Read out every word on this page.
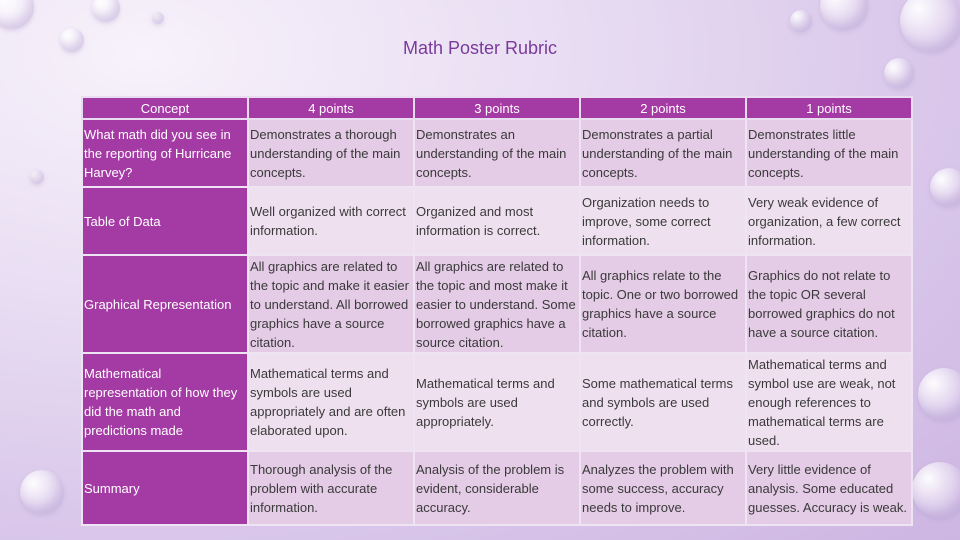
Math Poster Rubric
Concept	4 points	3 points	2 points	1 points
What math did you see in the reporting of Hurricane Harvey?	Demonstrates a thorough understanding of the main concepts.	Demonstrates an understanding of the main concepts.	Demonstrates a partial understanding of the main concepts.	Demonstrates little understanding of the main concepts.
Table of Data	Well organized with correct information.	Organized and most information is correct.	Organization needs to improve, some correct information.	Very weak evidence of organization, a few correct information.
Graphical Representation	All graphics are related to the topic and make it easier to understand. All borrowed graphics have a source citation.	All graphics are related to the topic and most make it easier to understand. Some borrowed graphics have a source citation.	All graphics relate to the topic. One or two borrowed graphics have a source citation.	Graphics do not relate to the topic OR several borrowed graphics do not have a source citation.
Mathematical representation of how they did the math and predictions made	Mathematical terms and symbols are used appropriately and are often elaborated upon.	Mathematical terms and symbols are used appropriately.	Some mathematical terms and symbols are used correctly.	Mathematical terms and symbol use are weak, not enough references to mathematical terms are used.
Summary	Thorough analysis of the problem with accurate information.	Analysis of the problem is evident, considerable accuracy.	Analyzes the problem with some success, accuracy needs to improve.	Very little evidence of analysis. Some educated guesses. Accuracy is weak.
